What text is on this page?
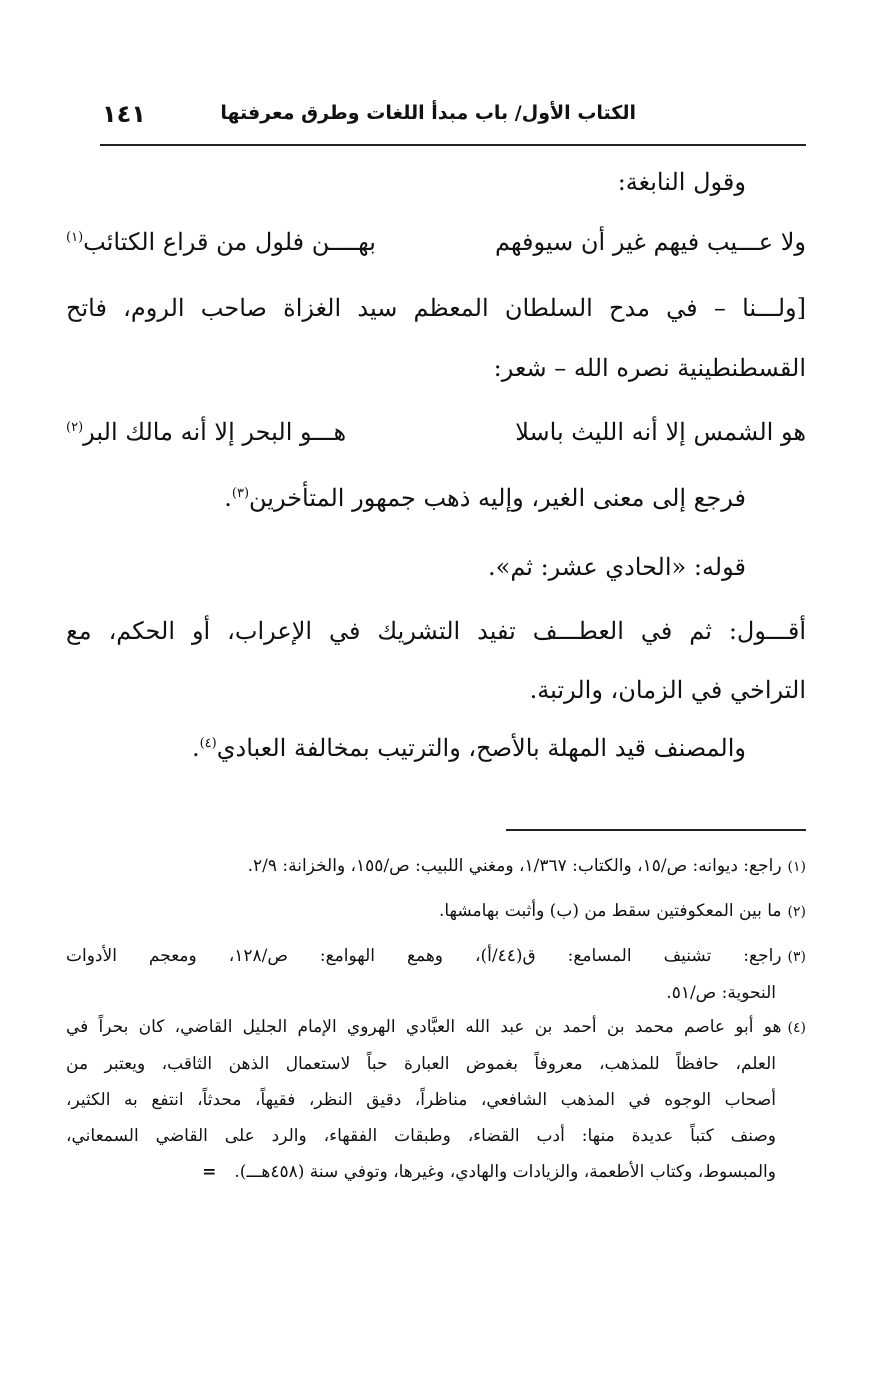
الكتاب الأول/ باب مبدأ اللغات وطرق معرفتها
١٤١
وقول النابغة:
ولا عـــيب فيهم غير أن سيوفهم
بهــــن فلول من قراع الكتائب$^{(١)}$
[ولـــنا – في مدح السلطان المعظم سيد الغزاة صاحب الروم، فاتح
القسطنطينية نصره الله – شعر:
هو الشمس إلا أنه الليث باسلا
هـــو البحر إلا أنه مالك البر$^{(٢)}$
فرجع إلى معنى الغير، وإليه ذهب جمهور المتأخرين$^{(٣)}$.
قوله: «الحادي عشر: ثم».
أقـــول: ثم في العطـــف تفيد التشريك في الإعراب، أو الحكم، مع
التراخي في الزمان، والرتبة.
والمصنف قيد المهلة بالأصح، والترتيب بمخالفة العبادي$^{(٤)}$.
(١)راجع: ديوانه: ص/١٥، والكتاب: ١/٣٦٧، ومغني اللبيب: ص/١٥٥، والخزانة: ٢/٩.
(٢)ما بين المعكوفتين سقط من (ب) وأثبت بهامشها.
(٣)راجع: تشنيف المسامع: ق(٤٤/أ)، وهمع الهوامع: ص/١٢٨، ومعجم الأدوات
النحوية: ص/٥١.
(٤)هو أبو عاصم محمد بن أحمد بن عبد الله العبَّادي الهروي الإمام الجليل القاضي، كان بحراً في
العلم، حافظاً للمذهب، معروفاً بغموض العبارة حباً لاستعمال الذهن الثاقب، ويعتبر من
أصحاب الوجوه في المذهب الشافعي، مناظراً، دقيق النظر، فقيهاً، محدثاً، انتفع به الكثير،
وصنف كتباً عديدة منها: أدب القضاء، وطبقات الفقهاء، والرد على القاضي السمعاني،
والمبسوط، وكتاب الأطعمة، والزيادات والهادي، وغيرها، وتوفي سنة (٤٥٨هـــ).=
